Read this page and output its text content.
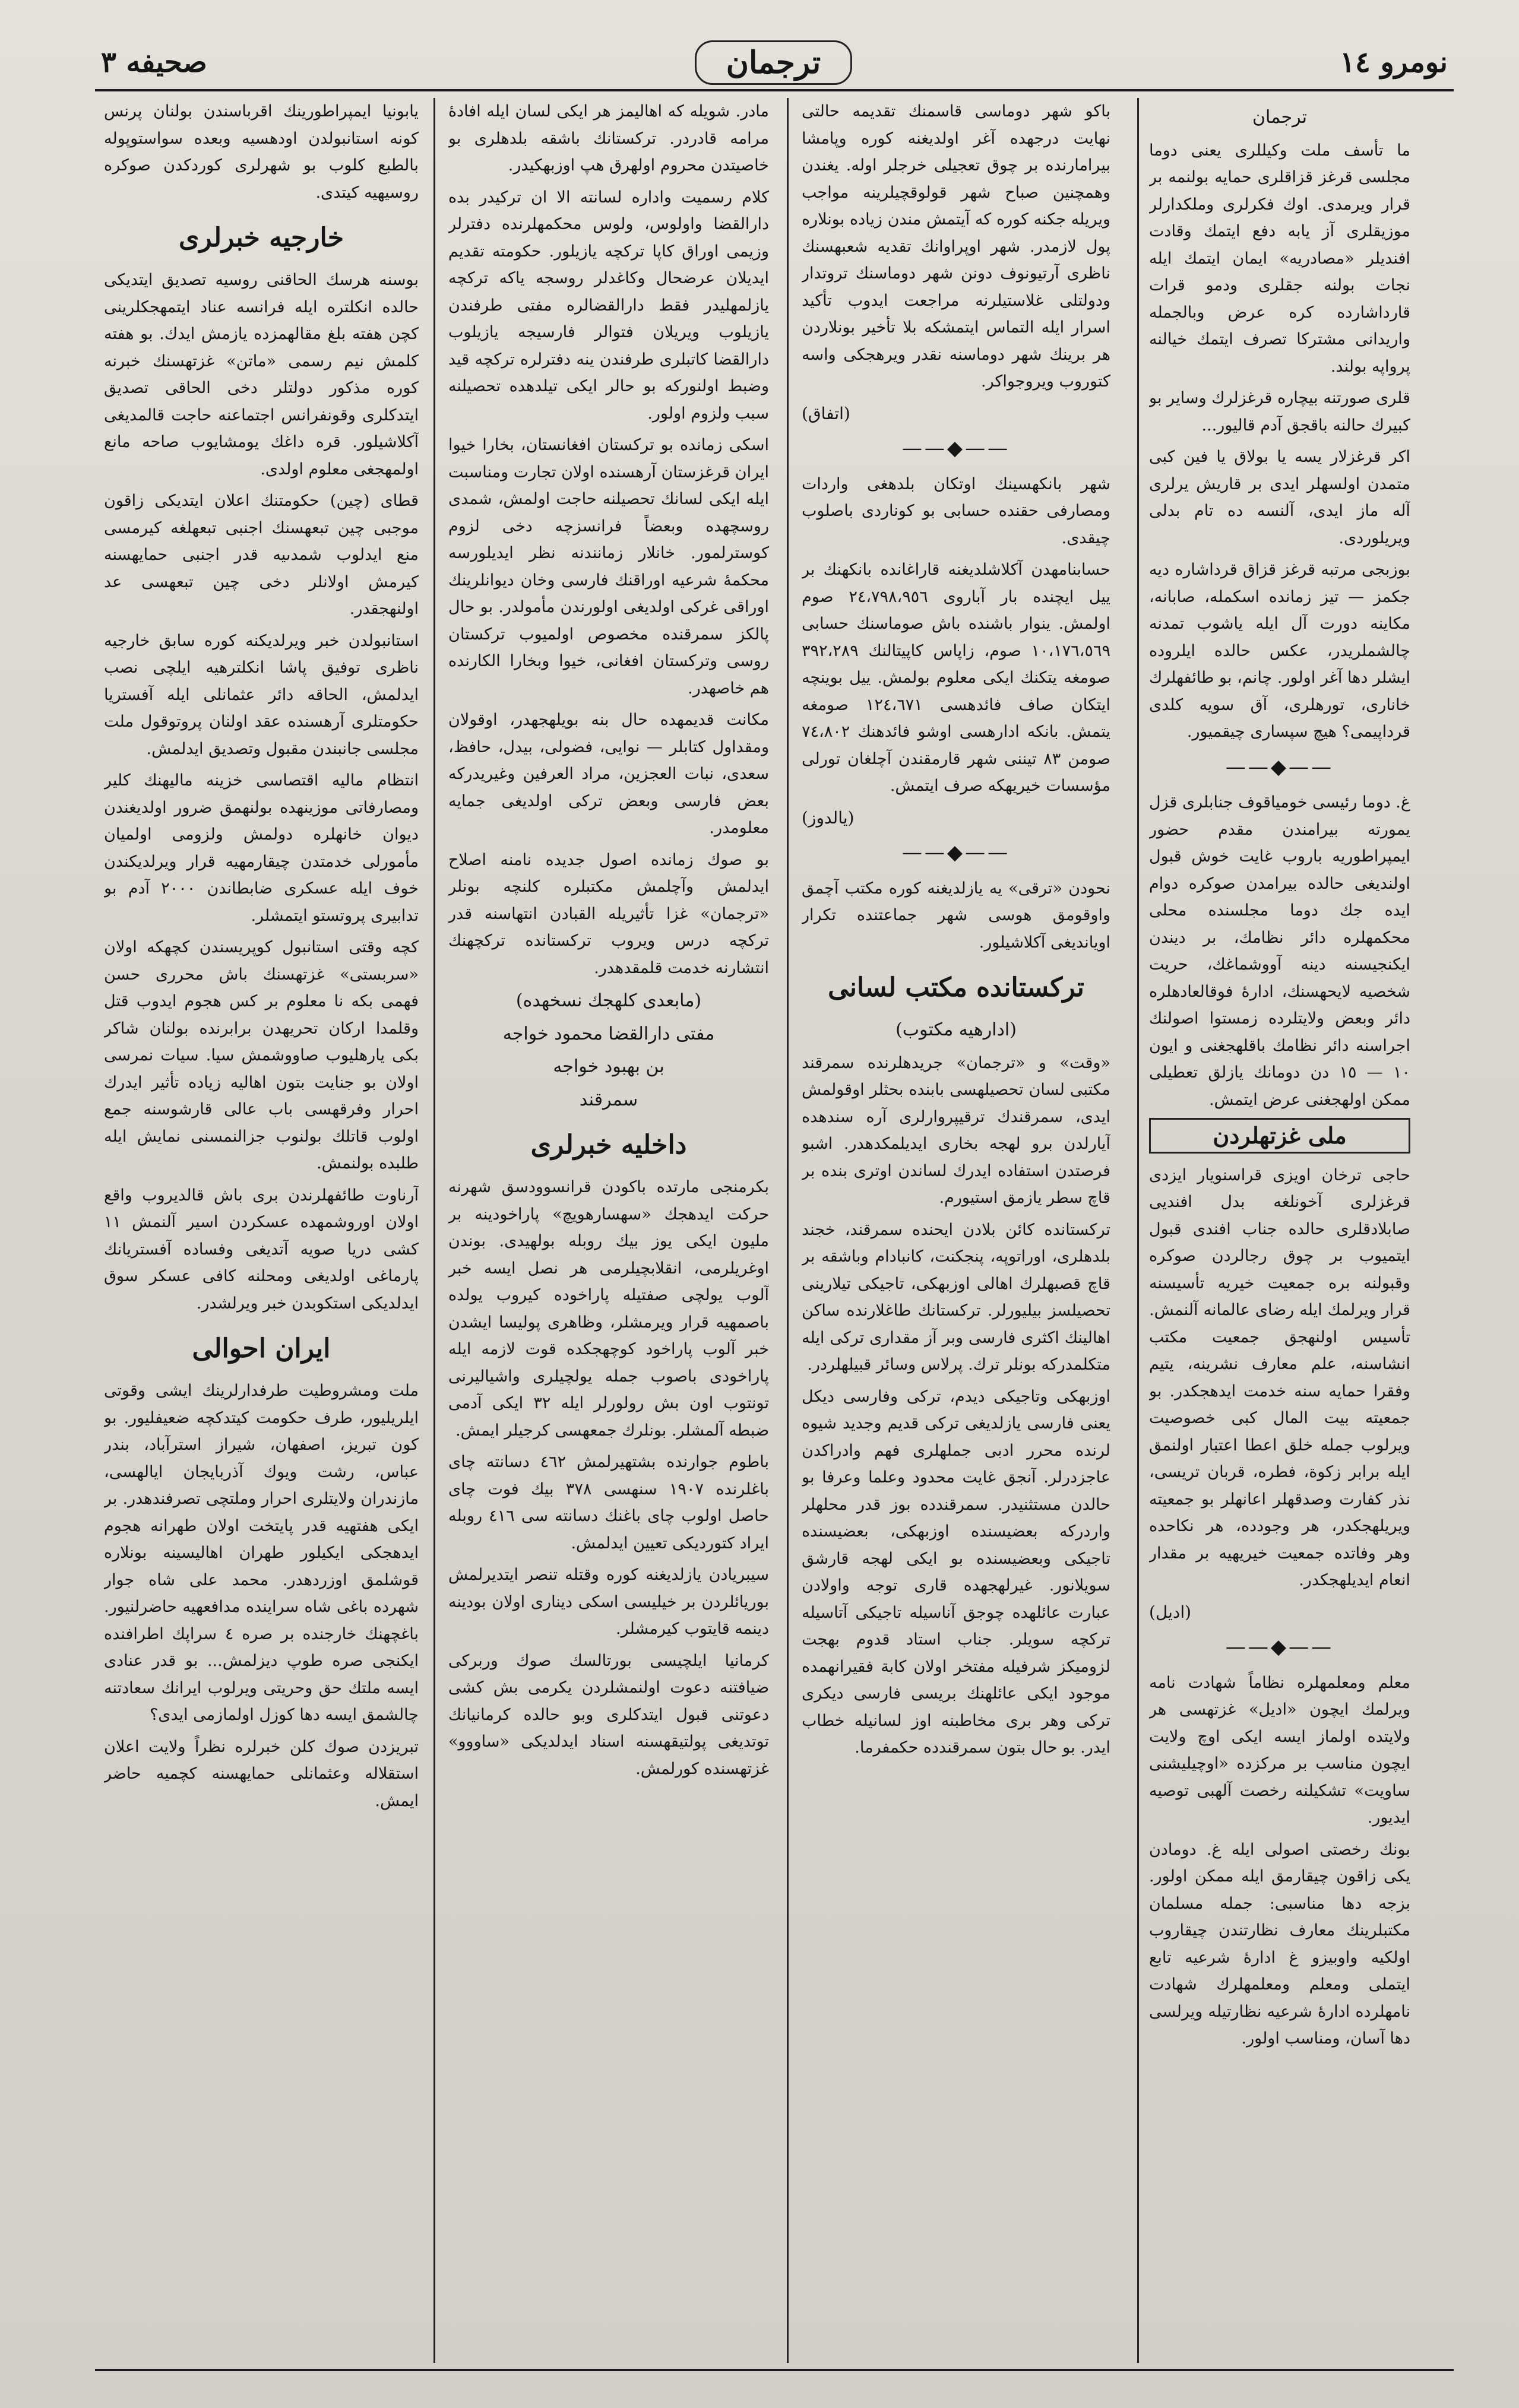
نومرو ١٤
ترجمان
صحيفه ٣
ترجمان

ما تأسف ملت وكيللرى يعنى دوما مجلسى قرغز قزاقلرى حمايه بولنمه بر قرار ويرمدى. اوك فكرلرى وملكدارلر موزيقلرى آز يابه دفع ايتمك وقادت افنديلر «مصادريه» ايمان ايتمك ايله نجات بولنه جقلرى ودمو قرات قارداشارده كره عرض وبالجمله واريدانى مشتركا تصرف ايتمك خيالنه پرواپه بولند.

قلرى صورتنه بيچاره قرغزلرك وساير بو كبيرك حالنه باقجق آدم قاليور...

اكر قرغزلار يسه يا بولاق يا فين كبى متمدن اولسهلر ايدى بر قاريش يرلرى آله ماز ايدى، آلنسه ده تام بدلى ويريلوردى.

بوزبجى مرتبه قرغز قزاق قرداشاره ديه جكمز — تيز زمانده اسكمله، صابانه، مكاينه دورت آل ايله ياشوب تمدنه چالشملريدر، عكس حالده ايلروده ايشلر دها آغر اولور. چانم، بو طائفهلرك خانارى، تورهلرى، آق سويه كلدى قرداپيمى؟ هيچ سپسارى چيقميور.

——◆——

غ. دوما رئيسى خومياقوف جنابلرى قزل يمورته بيرامندن مقدم حضور ايمپراطوريه باروب غايت خوش قبول اولنديغى حالده بيرامدن صوكره دوام ايده جك دوما مجلسنده محلى محكمهلره دائر نظامك، بر ديندن ايكنجيسنه دينه آووشماغك، حريت شخصيه لايحهسنك، ادارهٔ فوقالعادهلره دائر وبعض ولايتلرده زمستوا اصولنك اجراسنه دائر نظامك باقلهجغنى و ايون ١٠ — ١٥ دن دومانك يازلق تعطيلى ممكن اولهجغنى عرض ايتمش.

ملى غزتهلردن

حاجى ترخان اويزى قراسنويار ايزدى قرغزلرى آخونلغه بدل افنديى صابلادقلرى حالده جناب افندى قبول ايتميوب بر چوق رجالردن صوكره وقبولنه بره جمعيت خيريه تأسيسنه قرار ويرلمك ايله رضاى عالمانه آلنمش. تأسيس اولنهجق جمعيت مكتب انشاسنه، علم معارف نشرينه، يتيم وفقرا حمايه سنه خدمت ايدهجكدر. بو جمعيته بيت المال كبى خصوصيت ويرلوب جمله خلق اعطا اعتبار اولنمق ايله برابر زكوة، فطره، قربان تريسى، نذر كفارت وصدقهلر اعانهلر بو جمعيته ويريلهجكدر، هر وجودده، هر نكاحده وهر وفاتده جمعيت خيريهيه بر مقدار انعام ايديلهجكدر.

(اديل)
——◆——

معلم ومعلمهلره نظاماً شهادت نامه ويرلمك ايچون «اديل» غزتهسى هر ولايتده اولماز ايسه ايكى اوچ ولايت ايچون مناسب بر مركزده «اوچيليشنى ساويت» تشكيلنه رخصت آلهبى توصيه ايديور.

بونك رخصتى اصولى ايله غ. دومادن يكى زاقون چيقارمق ايله ممكن اولور. بزجه دها مناسبى: جمله مسلمان مكتبلرينك معارف نظارتندن چيقاروب اولكيه واوبيزو غ ادارهٔ شرعيه تابع ايتملى ومعلم ومعلمهلرك شهادت نامهلرده ادارهٔ شرعيه نظارتيله ويرلسى دها آسان، ومناسب اولور.

باكو شهر دوماسى قاسمنك تقديمه حالتى نهايت درجهده آغر اولديغنه كوره وپامشا بيرامارنده بر چوق تعجيلى خرجلر اوله. يغندن وهمچنين صباح شهر قولوقچيلرينه مواجب ويريله جكنه كوره كه آيتمش مندن زياده بونلاره پول لازمدر. شهر اوپراوانك تقديه شعبهسنك ناظرى آرتيونوف دونن شهر دوماسنك تروتدار ودولتلى غلاستيلرنه مراجعت ايدوب تأكيد اسرار ايله التماس ايتمشكه بلا تأخير بونلاردن هر برينك شهر دوماسنه نقدر ويرهجكى واسه كتوروب ويروجواكر.

(اتفاق)
——◆——

شهر بانكهسينك اوتكان بلدهغى واردات ومصارفى حقنده حسابى بو كوناردى باصلوب چيقدى.

حسابنامهدن آكلاشلديغنه قاراغانده بانكهنك بر ييل ايچنده بار آباروى ٢٤،٧٩٨،٩٥٦ صوم اولمش. ينوار باشنده باش صوماسنك حسابى ١٠،١٧٦،٥٦٩ صوم، زاپاس كاپيتالنك ٣٩٢،٢٨٩ صومغه يتكنك ايكى معلوم بولمش. ييل بوينچه ايتكان صاف فائدهسى ١٢٤،٦٧١ صومغه يتمش. بانكه ادارهسى اوشو فائدهنك ٧٤،٨٠٢ صومن ٨٣ تيننى شهر قارمقندن آچلغان تورلى مؤسسات خيريهكه صرف ايتمش.

(يالدوز)
——◆——

نحودن «ترقى» يه يازلديغنه كوره مكتب آچمق واوقومق هوسى شهر جماعتنده تكرار اويانديغى آكلاشيلور.

تركستانده مكتب لسانى
(ادارهيه مكتوب)

«وقت» و «ترجمان» جريدهلرنده سمرقند مكتبى لسان تحصيلهسى بابنده بحثلر اوقولمش ايدى، سمرقندك ترقيپروارلرى آره سندهده آيارلدن برو لهجه بخارى ايديلمكدهدر. اشبو فرصتدن استفاده ايدرك لساندن اوترى بنده بر قاچ سطر يازمق استيورم.

تركستانده كائن بلادن ايحنده سمرقند، خجند بلدهلرى، اوراتوپه، پنجكنت، كانبادام وباشقه بر قاچ قصبهلرك اهالى اوزبهكى، تاجيكى تيلارينى تحصيلسز بيليورلر. تركستانك طاغلارنده ساكن اهالينك اكثرى فارسى وبر آز مقدارى تركى ايله متكلمدركه بونلر ترك. پرلاس وسائر قبيلهلردر.

اوزبهكى وتاجيكى ديدم، تركى وفارسى ديكل يعنى فارسى يازلديغى تركى قديم وجديد شيوه لرنده محرر ادبى جملهلرى فهم وادراكدن عاجزدرلر. آنجق غايت محدود وعلما وعرفا بو حالدن مستثنيدر. سمرقندده بوز قدر محلهلر واردركه بعضيسنده اوزبهكى، بعضيسنده تاجيكى وبعضيسنده بو ايكى لهجه قارشق سويلانور. غيرلهجهده قارى توجه واولادن عبارت عائلهده چوجق آناسيله تاجيكى آتاسيله تركچه سويلر. جناب استاد قدوم بهجت لزوميكز شرفيله مفتخر اولان كابة فقيرانهمده موجود ايكى عائلهنك بريسى فارسى ديكرى تركى وهر برى مخاطبنه اوز لسانيله خطاب ايدر. بو حال بتون سمرقندده حكمفرما.

مادر. شويله كه اهاليمز هر ايكى لسان ايله افادهٔ مرامه قادردر. تركستانك باشقه بلدهلرى بو خاصيتدن محروم اولهرق هپ اوزبهكيدر.

كلام رسميت واداره لسانته الا ان تركيدر بده دارالقضا واولوس، ولوس محكمهلرنده دفترلر وزيمى اوراق كاپا تركچه يازيلور. حكومته تقديم ايديلان عرضحال وكاغدلر روسجه ياكه تركچه يازلمهليدر فقط دارالقضالره مفتى طرفندن يازيلوب ويريلان فتوالر فارسيجه يازيلوب دارالقضا كاتبلرى طرفندن ينه دفترلره تركچه قيد وضبط اولنوركه بو حالر ايكى تيلدهده تحصيلنه سبب ولزوم اولور.

اسكى زمانده بو تركستان افغانستان، بخارا خيوا ايران قرغزستان آرهسنده اولان تجارت ومناسبت ايله ايكى لسانك تحصيلنه حاجت اولمش، شمدى روسچهده وبعضاً فرانسزچه دخى لزوم كوسترلمور. خانلار زمانندنه نظر ايديلورسه محكمهٔ شرعيه اوراقنك فارسى وخان ديوانلرينك اوراقى غركى اولديغى اولورندن مأمولدر. بو حال پالكز سمرقنده مخصوص اولميوب تركستان روسى وتركستان افغانى، خيوا وبخارا الكارنده هم خاصهدر.

مكانت قديمهده حال بنه بويلهجهدر، اوقولان ومقداول كتابلر — نوايى، فضولى، بيدل، حافظ، سعدى، نبات العجزين، مراد العرفين وغيريدركه بعض فارسى وبعض تركى اولديغى جمايه معلومدر.

بو صوك زمانده اصول جديده نامنه اصلاح ايدلمش وآچلمش مكتبلره كلنچه بونلر «ترجمان» غزا تأثيريله القبادن انتهاسنه قدر تركچه درس ويروب تركستانده تركچهنك انتشارنه خدمت قلمقدهدر.

(مابعدى كلهجك نسخهده)
مفتى دارالقضا محمود خواجه
بن بهبود خواجه
سمرقند
داخليه خبرلرى

بكرمنجى مارتده باكودن قرانسوودسق شهرنه حركت ايدهجك «سهسارهويچ» پاراخودينه بر مليون ايكى يوز بيك روبله بولهيدى. بوندن اوغريلرمى، انقلابچيلرمى هر نصل ايسه خبر آلوب يولچى صفتيله پاراخوده كيروب يولده باصمهيه قرار ويرمشلر، وظاهرى پوليسا ايشدن خبر آلوب پاراخود كوچهجكده قوت لازمه ايله پاراخودى باصوب جمله يولچيلرى واشياليرنى تونتوب اون بش رولورلر ايله ٣٢ ايكى آدمى ضبطه آلمشلر. بونلرك جمعهسى كرجيلر ايمش.

باطوم جوارنده بشتهيرلمش ٤٦٢ دسانته چاى باغلرنده ١٩٠٧ سنهسى ٣٧٨ بيك فوت چاى حاصل اولوب چاى باغنك دسانته سى ٤١٦ روبله ايراد كتورديكى تعيين ايدلمش.

سيبريادن يازلديغنه كوره وقتله تنصر ايتديرلمش بوريائلردن بر خيليسى اسكى ديناری اولان بودينه دينمه قايتوب كيرمشلر.

كرمانيا ايلچيسى بورتالسك صوك وربركى ضيافتنه دعوت اولنمشلردن يكرمى بش كشى دعوتنى قبول ايتدكلرى وبو حالده كرمانيانك توتديغى پولتيقهسنه اسناد ايدلديكى «ساووو» غزتهسنده كورلمش.

يابونيا ايمپراطورينك اقرباسندن بولنان پرنس كونه استانبولدن اودهسيه وبعده سواستوپوله بالطبع كلوب بو شهرلرى كوردكدن صوكره روسيهيه كيتدى.

خارجيه خبرلرى

بوسنه هرسك الحاقنى روسيه تصديق ايتديكى حالده انكلتره ايله فرانسه عناد ايتمهجكلرينى كچن هفته بلغ مقالهمزده يازمش ايدك. بو هفته كلمش نيم رسمى «ماتن» غزتهسنك خبرنه كوره مذكور دولتلر دخى الحاقى تصديق ايتدكلرى وقونفرانس اجتماعنه حاجت قالمديغى آكلاشيلور. قره داغك يومشايوب صاحه مانع اولمهجغى معلوم اولدى.

قطاى (چين) حكومتنك اعلان ايتديكى زاقون موجبى چين تبعهسنك اجنبى تبعهلغه كيرمسى منع ايدلوب شمدىيه قدر اجنبى حمايهسنه كيرمش اولانلر دخى چين تبعهسى عد اولنهجقدر.

استانبولدن خبر ويرلديكنه كوره سابق خارجيه ناظرى توفيق پاشا انكلترهيه ايلچى نصب ايدلمش، الحاقه دائر عثمانلى ايله آفستريا حكومتلرى آرهسنده عقد اولنان پروتوقول ملت مجلسى جانبندن مقبول وتصديق ايدلمش.

انتظام ماليه اقتصاسى خزينه ماليهنك كلير ومصارفاتى موزينهده بولنهمق ضرور اولديغندن ديوان خانهلره دولمش ولزومى اولميان مأمورلى خدمتدن چيقارمهيه قرار ويرلديكندن خوف ايله عسكرى ضابطاندن ٢٠٠٠ آدم بو تدابيرى پروتستو ايتمشلر.

كچه وقتى استانبول كوپريسندن كچهكه اولان «سربستى» غزتهسنك باش محررى حسن فهمى بكه نا معلوم بر كس هجوم ايدوب قتل وقلمدا اركان تحريهدن برابرنده بولنان شاكر بكى يارهليوب صاووشمش سيا. سيات نمرسى اولان بو جنايت بتون اهاليه زياده تأثير ايدرك احرار وفرقهسى باب عالى قارشوسنه جمع اولوب قاتلك بولنوب جزالنمسنى نمايش ايله طلبده بولنمش.

آرناوت طائفهلرندن برى باش قالديروب واقع اولان اوروشمهده عسكردن اسير آلنمش ١١ كشى دريا صويه آتديغى وفساده آفستريانك پارماغى اولديغى ومحلنه كافى عسكر سوق ايدلديكى استكوبدن خبر ويرلشدر.

ايران احوالى

ملت ومشروطيت طرفدارلرينك ايشى وقوتى ايلريليور، طرف حكومت كيتدكچه ضعيفليور. بو كون تبريز، اصفهان، شيراز استرآباد، بندر عباس، رشت ويوك آذربايجان ايالهسى، مازندران ولايتلرى احرار وملتچى تصرفندهدر. بر ايكى هفتهيه قدر پايتخت اولان طهرانه هجوم ايدهجكى ايكيلور طهران اهاليسينه بونلاره قوشلمق اوزردهدر. محمد على شاه جوار شهرده باغى شاه سراينده مدافعهيه حاضرلنيور. باغچهنك خارجنده بر صره ٤ سراپك اطرافنده ايكنجى صره طوپ ديزلمش... بو قدر عنادى ايسه ملتك حق وحريتى ويرلوب ايرانك سعادتنه چالشمق ايسه دها كوزل اولمازمى ايدى؟

تبريزدن صوك كلن خبرلره نظراً ولايت اعلان استقلاله وعثمانلى حمايهسنه كچميه حاضر ايمش.
